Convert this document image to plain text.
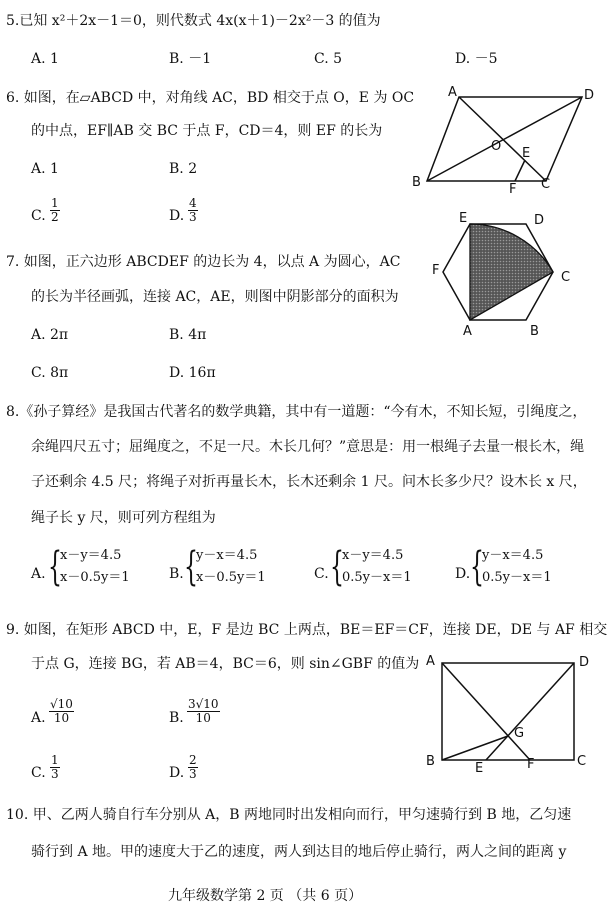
5.已知 x²＋2x－1＝0，则代数式 4x(x＋1)－2x²－3 的值为
A. 1	B. －1	C. 5	D. －5
6. 如图，在▱ABCD 中，对角线 AC，BD 相交于点 O，E 为 OC
的中点，EF∥AB 交 BC 于点 F，CD＝4，则 EF 的长为
A. 1	B. 2
C. $\frac{1}{2}$	D. $\frac{4}{3}$
A	D
O E
B	F C
7. 如图，正六边形 ABCDEF 的边长为 4，以点 A 为圆心，AC
的长为半径画弧，连接 AC，AE，则图中阴影部分的面积为
A. 2π	B. 4π
C. 8π	D. 16π
E	D
F	C
A	B
8.《孙子算经》是我国古代著名的数学典籍，其中有一道题：“今有木，不知长短，引绳度之，
余绳四尺五寸；屈绳度之，不足一尺。木长几何？”意思是：用一根绳子去量一根长木，绳
子还剩余 4.5 尺；将绳子对折再量长木，长木还剩余 1 尺。问木长多少尺？设木长 x 尺，
绳子长 y 尺，则可列方程组为
A. {
x－y＝4.5
x－0.5y＝1	B. {
y－x＝4.5
x－0.5y＝1	C. {
x－y＝4.5
0.5y－x＝1	D. {
y－x＝4.5
0.5y－x＝1
9. 如图，在矩形 ABCD 中，E，F 是边 BC 上两点，BE＝EF＝CF，连接 DE，DE 与 AF 相交
于点 G，连接 BG，若 AB＝4，BC＝6，则 sin∠GBF 的值为
A. $\frac{√10}{10}$	B. $\frac{3√10}{10}$
C. $\frac{1}{3}$	D. $\frac{2}{3}$
A	D
G
B	E	F	C
10. 甲、乙两人骑自行车分别从 A，B 两地同时出发相向而行，甲匀速骑行到 B 地，乙匀速
骑行到 A 地。甲的速度大于乙的速度，两人到达目的地后停止骑行，两人之间的距离 y
九年级数学第 2 页 （共 6 页）
